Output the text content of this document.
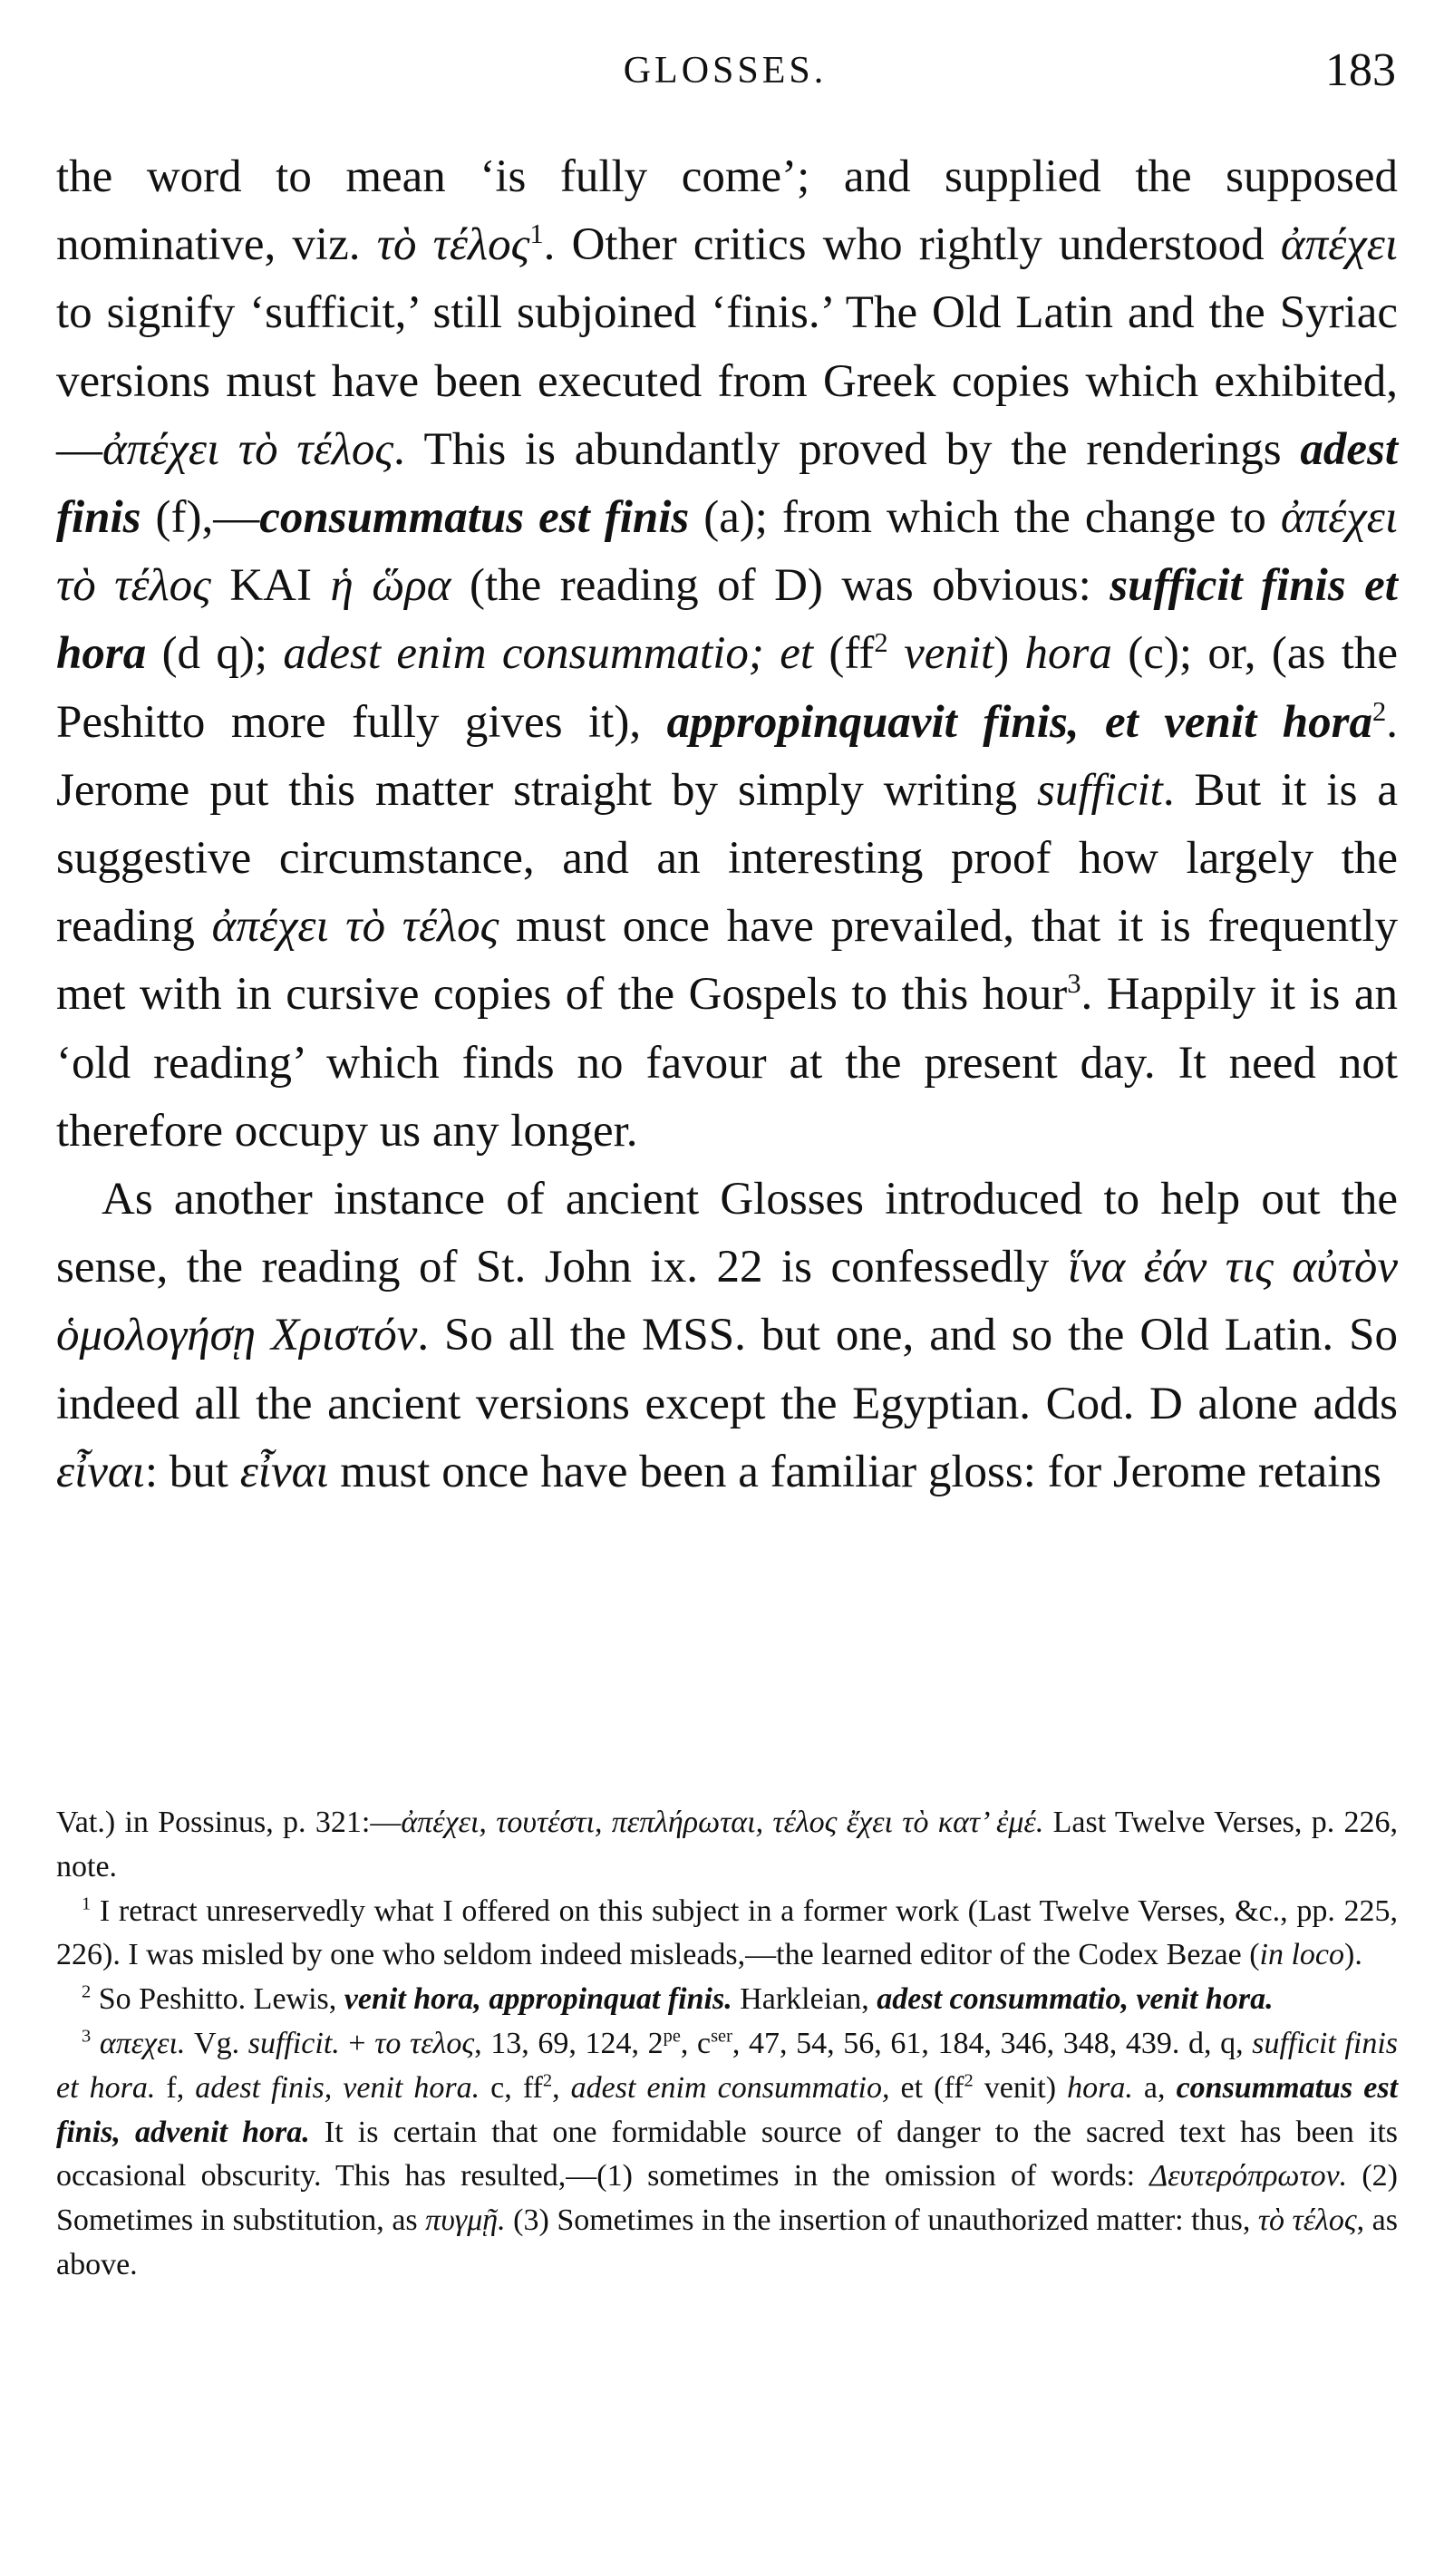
GLOSSES.	183

the word to mean ‘is fully come’; and supplied the supposed nominative, viz. τὸ τέλος$^1$. Other critics who rightly understood ἀπέχει to signify ‘sufficit,’ still subjoined ‘finis.’ The Old Latin and the Syriac versions must have been executed from Greek copies which exhibited,—ἀπέχει τὸ τέλος. This is abundantly proved by the renderings adest finis (f),—consummatus est finis (a); from which the change to ἀπέχει τὸ τέλος KAI ἡ ὥρα (the reading of D) was obvious: sufficit finis et hora (d q); adest enim consummatio; et ($ff^2$ venit) hora (c); or, (as the Peshitto more fully gives it), appropinquavit finis, et venit hora$^2$. Jerome put this matter straight by simply writing sufficit. But it is a suggestive circumstance, and an interesting proof how largely the reading ἀπέχει τὸ τέλος must once have prevailed, that it is frequently met with in cursive copies of the Gospels to this hour$^3$. Happily it is an ‘old reading’ which finds no favour at the present day. It need not therefore occupy us any longer.

As another instance of ancient Glosses introduced to help out the sense, the reading of St. John ix. 22 is confessedly ἵνα ἐάν τις αὐτὸν ὁμολογήσῃ Χριστόν. So all the MSS. but one, and so the Old Latin. So indeed all the ancient versions except the Egyptian. Cod. D alone adds εἶναι: but εἶναι must once have been a familiar gloss: for Jerome retains

Vat.) in Possinus, p. 321:—ἀπέχει, τουτέστι, πεπλήρωται, τέλος ἔχει τὸ κατ’ ἐμέ. Last Twelve Verses, p. 226, note.

$^1$ I retract unreservedly what I offered on this subject in a former work (Last Twelve Verses, &c., pp. 225, 226). I was misled by one who seldom indeed misleads,—the learned editor of the Codex Bezae (in loco).

$^2$ So Peshitto. Lewis, venit hora, appropinquat finis. Harkleian, adest consummatio, venit hora.

$^3$ απεχει. Vg. sufficit. + το τελος, 13, 69, 124, $2^{pe}$, $c^{ser}$, 47, 54, 56, 61, 184, 346, 348, 439. d, q, sufficit finis et hora. f, adest finis, venit hora. c, $ff^2$, adest enim consummatio, et ($ff^2$ venit) hora. a, consummatus est finis, advenit hora. It is certain that one formidable source of danger to the sacred text has been its occasional obscurity. This has resulted,—(1) sometimes in the omission of words: Δευτερόπρωτον. (2) Sometimes in substitution, as πυγμῇ. (3) Sometimes in the insertion of unauthorized matter: thus, τὸ τέλος, as above.
